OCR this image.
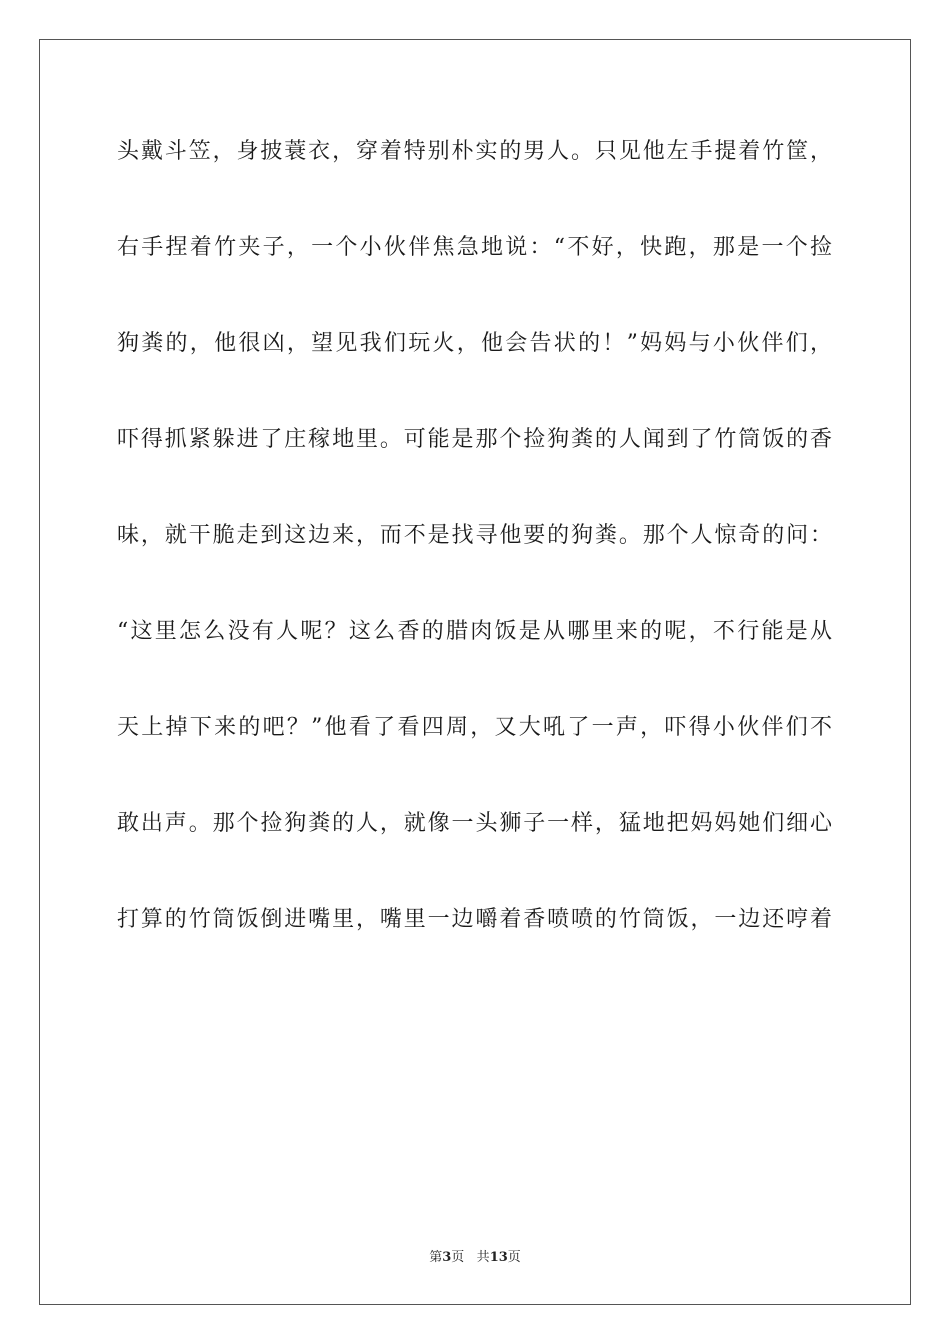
头戴斗笠，身披蓑衣，穿着特别朴实的男人。只见他左手提着竹筐，
右手捏着竹夹子，一个小伙伴焦急地说：“不好，快跑，那是一个捡
狗粪的，他很凶，望见我们玩火，他会告状的！”妈妈与小伙伴们，
吓得抓紧躲进了庄稼地里。可能是那个捡狗粪的人闻到了竹筒饭的香
味，就干脆走到这边来，而不是找寻他要的狗粪。那个人惊奇的问：
“这里怎么没有人呢？这么香的腊肉饭是从哪里来的呢，不行能是从
天上掉下来的吧？”他看了看四周，又大吼了一声，吓得小伙伴们不
敢出声。那个捡狗粪的人，就像一头狮子一样，猛地把妈妈她们细心
打算的竹筒饭倒进嘴里，嘴里一边嚼着香喷喷的竹筒饭，一边还哼着
第3页 共13页
